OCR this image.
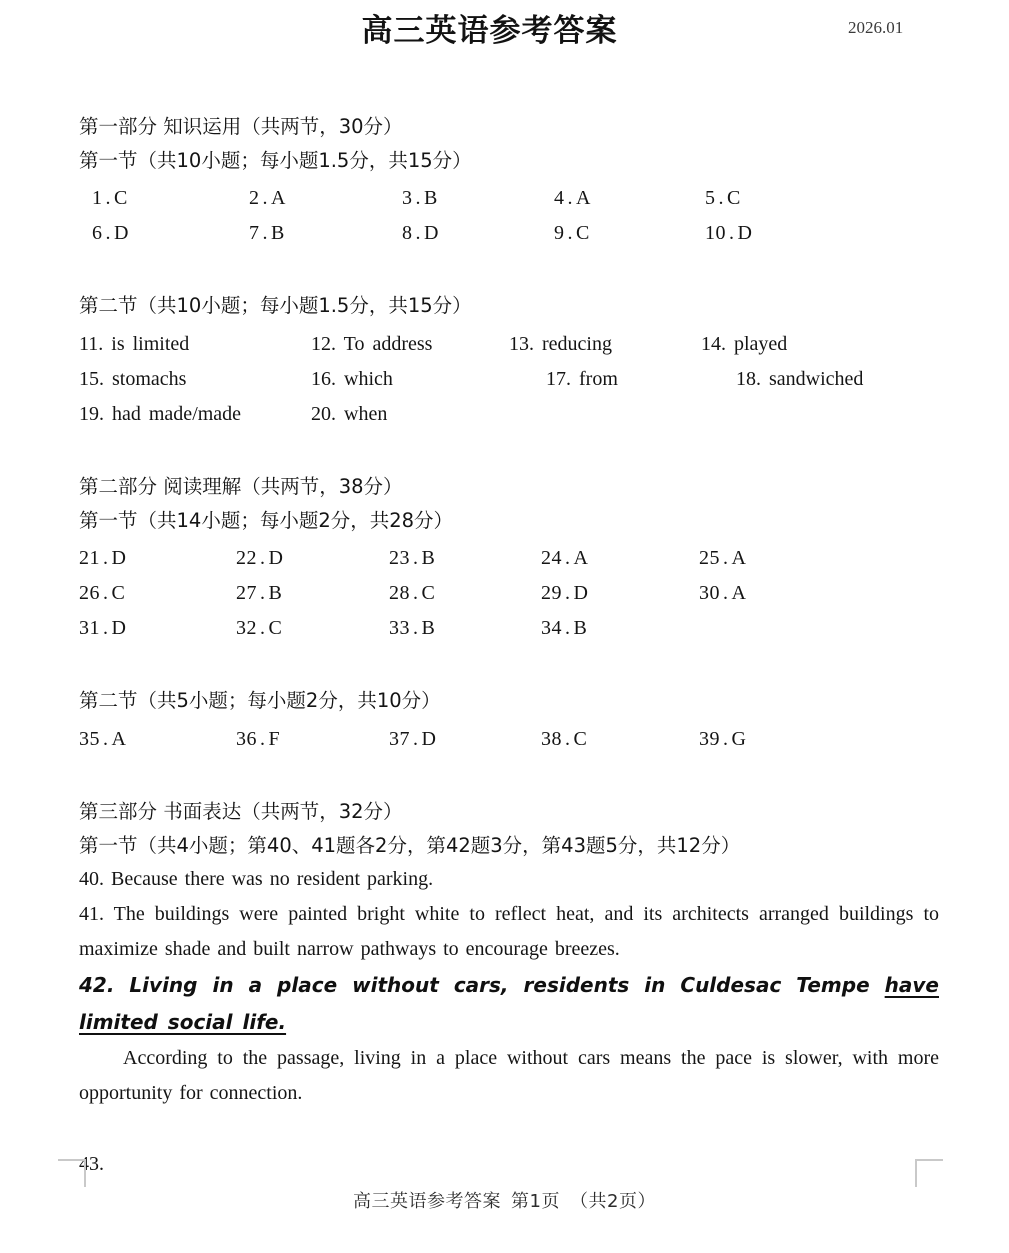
高三英语参考答案	2026.01
第一部分 知识运用（共两节，30分）
第一节（共10小题；每小题1.5分，共15分）
1 . C	2 . A	3 . B	4 . A	5 . C
6 . D	7 . B	8 . D	9 . C	10 . D
第二节（共10小题；每小题1.5分，共15分）
11. is limited	12. To address	13. reducing	14. played
15. stomachs	16. which	17. from	18. sandwiched
19. had made/made	20. when
第二部分 阅读理解（共两节，38分）
第一节（共14小题；每小题2分，共28分）
21 . D	22 . D	23 . B	24 . A	25 . A
26 . C	27 . B	28 . C	29 . D	30 . A
31 . D	32 . C	33 . B	34 . B
第二节（共5小题；每小题2分，共10分）
35 . A	36 . F	37 . D	38 . C	39 . G
第三部分 书面表达（共两节，32分）
第一节（共4小题；第40、41题各2分，第42题3分，第43题5分，共12分）

40. Because there was no resident parking.

41. The buildings were painted bright white to reflect heat, and its architects arranged buildings to maximize shade and built narrow pathways to encourage breezes.

42. Living in a place without cars, residents in Culdesac Tempe have limited social life.

According to the passage, living in a place without cars means the pace is slower, with more opportunity for connection.

43.
高三英语参考答案 第1页 （共2页）
